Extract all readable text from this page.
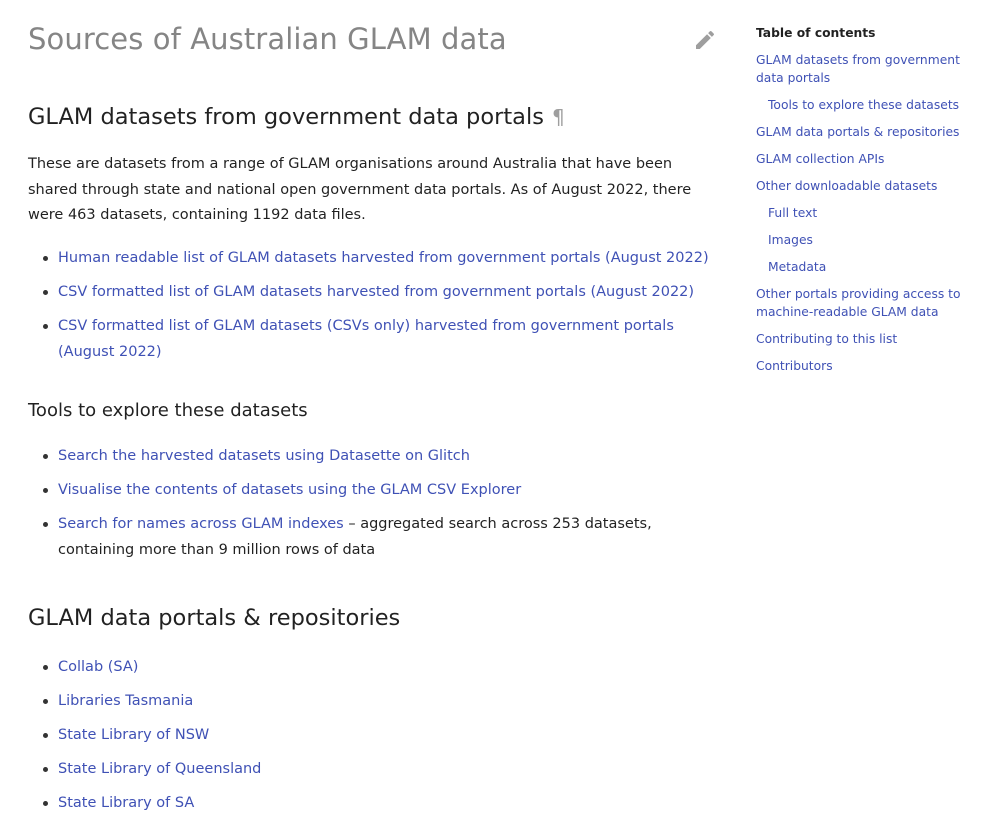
Sources of Australian GLAM data
GLAM datasets from government data portals ¶

These are datasets from a range of GLAM organisations around Australia that have been shared through state and national open government data portals. As of August 2022, there were 463 datasets, containing 1192 data files.

Human readable list of GLAM datasets harvested from government portals (August 2022)
CSV formatted list of GLAM datasets harvested from government portals (August 2022)
CSV formatted list of GLAM datasets (CSVs only) harvested from government portals (August 2022)
Tools to explore these datasets
Search the harvested datasets using Datasette on Glitch
Visualise the contents of datasets using the GLAM CSV Explorer
Search for names across GLAM indexes – aggregated search across 253 datasets, containing more than 9 million rows of data
GLAM data portals & repositories
Collab (SA)
Libraries Tasmania
State Library of NSW
State Library of Queensland
State Library of SA
Table of contents
GLAM datasets from government data portals
Tools to explore these datasets
GLAM data portals & repositories
GLAM collection APIs
Other downloadable datasets
Full text
Images
Metadata
Other portals providing access to machine-readable GLAM data
Contributing to this list
Contributors
